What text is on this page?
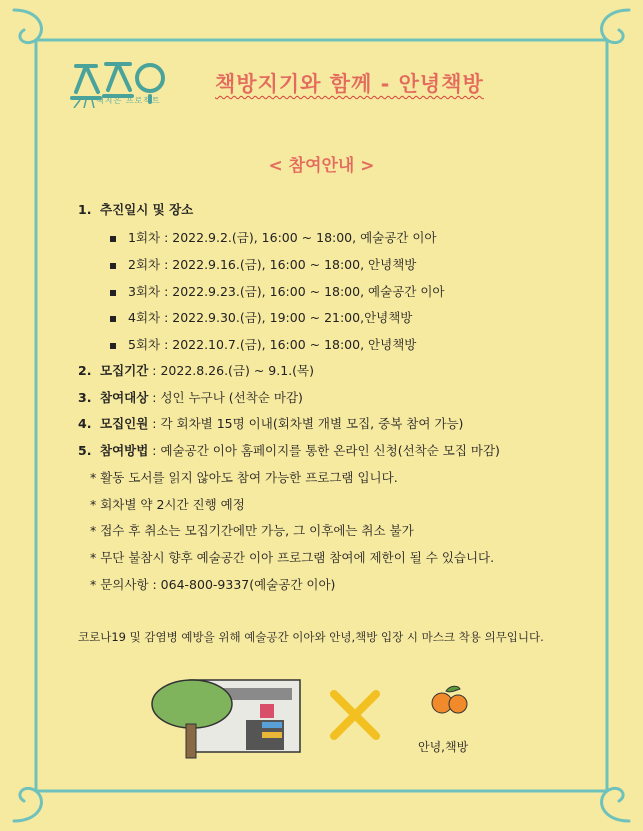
책지은 프로젝트
책방지기와 함께 - 안녕책방
< 참여안내 >
1. 추진일시 및 장소
1회차 : 2022.9.2.(금), 16:00 ~ 18:00, 예술공간 이아
2회차 : 2022.9.16.(금), 16:00 ~ 18:00, 안녕책방
3회차 : 2022.9.23.(금), 16:00 ~ 18:00, 예술공간 이아
4회차 : 2022.9.30.(금), 19:00 ~ 21:00,안녕책방
5회차 : 2022.10.7.(금), 16:00 ~ 18:00, 안녕책방
2. 모집기간 : 2022.8.26.(금) ~ 9.1.(목)
3. 참여대상 : 성인 누구나 (선착순 마감)
4. 모집인원 : 각 회차별 15명 이내(회차별 개별 모집, 중복 참여 가능)
5. 참여방법 : 예술공간 이아 홈페이지를 통한 온라인 신청(선착순 모집 마감)
* 활동 도서를 읽지 않아도 참여 가능한 프로그램 입니다.
* 회차별 약 2시간 진행 예정
* 접수 후 취소는 모집기간에만 가능, 그 이후에는 취소 불가
* 무단 불참시 향후 예술공간 이아 프로그램 참여에 제한이 될 수 있습니다.
* 문의사항 : 064-800-9337(예술공간 이아)
코로나19 및 감염병 예방을 위해 예술공간 이아와 안녕,책방 입장 시 마스크 착용 의무입니다.
안녕,책방
